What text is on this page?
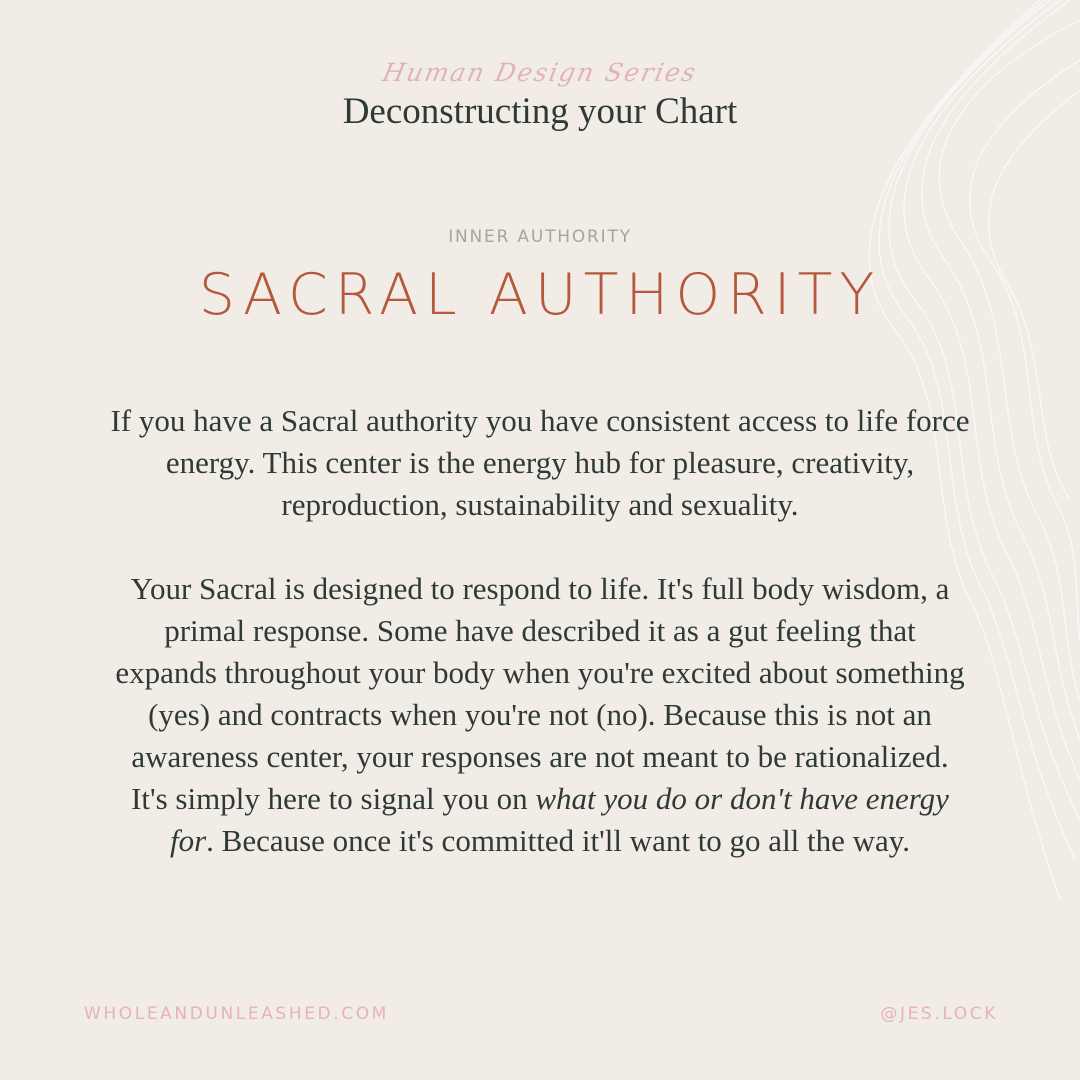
Human Design Series
Deconstructing your Chart
INNER AUTHORITY
SACRAL AUTHORITY

If you have a Sacral authority you have consistent access to life force energy. This center is the energy hub for pleasure, creativity, reproduction, sustainability and sexuality.

Your Sacral is designed to respond to life. It's full body wisdom, a primal response. Some have described it as a gut feeling that expands throughout your body when you're excited about something (yes) and contracts when you're not (no). Because this is not an awareness center, your responses are not meant to be rationalized. It's simply here to signal you on what you do or don't have energy for. Because once it's committed it'll want to go all the way.

WHOLEANDUNLEASHED.COM	@JES.LOCK
